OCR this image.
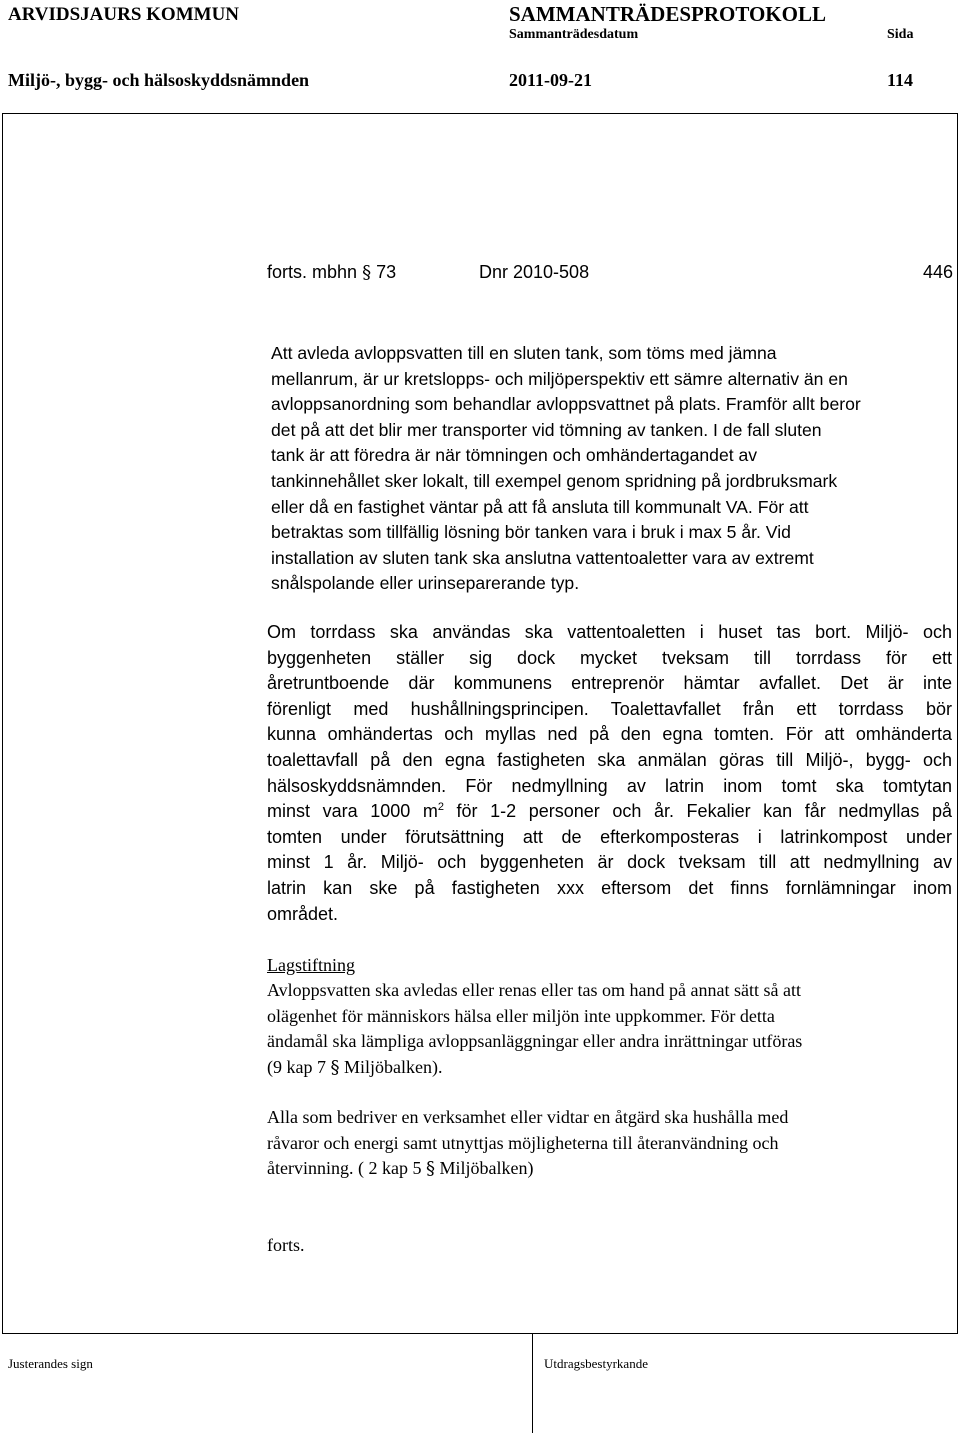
ARVIDSJAURS KOMMUN	SAMMANTRÄDESPROTOKOLL
Sammanträdesdatum	Sida
Miljö-, bygg- och hälsoskyddsnämnden	2011-09-21	114
forts. mbhn § 73	Dnr 2010-508	446
Att avleda avloppsvatten till en sluten tank, som töms med jämna
mellanrum, är ur kretslopps- och miljöperspektiv ett sämre alternativ än en
avloppsanordning som behandlar avloppsvattnet på plats. Framför allt beror
det på att det blir mer transporter vid tömning av tanken. I de fall sluten
tank är att föredra är när tömningen och omhändertagandet av
tankinnehållet sker lokalt, till exempel genom spridning på jordbruksmark
eller då en fastighet väntar på att få ansluta till kommunalt VA. För att
betraktas som tillfällig lösning bör tanken vara i bruk i max 5 år. Vid
installation av sluten tank ska anslutna vattentoaletter vara av extremt
snålspolande eller urinseparerande typ.
Om torrdass ska användas ska vattentoaletten i huset tas bort. Miljö- och
byggenheten ställer sig dock mycket tveksam till torrdass för ett
åretruntboende där kommunens entreprenör hämtar avfallet. Det är inte
förenligt med hushållningsprincipen. Toalettavfallet från ett torrdass bör
kunna omhändertas och myllas ned på den egna tomten. För att omhänderta
toalettavfall på den egna fastigheten ska anmälan göras till Miljö-, bygg- och
hälsoskyddsnämnden. För nedmyllning av latrin inom tomt ska tomtytan
minst vara 1000 $m^2$ för 1-2 personer och år. Fekalier kan får nedmyllas på
tomten under förutsättning att de efterkomposteras i latrinkompost under
minst 1 år. Miljö- och byggenheten är dock tveksam till att nedmyllning av
latrin kan ske på fastigheten xxx eftersom det finns fornlämningar inom
området.
Lagstiftning
Avloppsvatten ska avledas eller renas eller tas om hand på annat sätt så att
olägenhet för människors hälsa eller miljön inte uppkommer. För detta
ändamål ska lämpliga avloppsanläggningar eller andra inrättningar utföras
(9 kap 7 § Miljöbalken).
Alla som bedriver en verksamhet eller vidtar en åtgärd ska hushålla med
råvaror och energi samt utnyttjas möjligheterna till återanvändning och
återvinning. ( 2 kap 5 § Miljöbalken)
forts.
Justerandes sign	Utdragsbestyrkande
